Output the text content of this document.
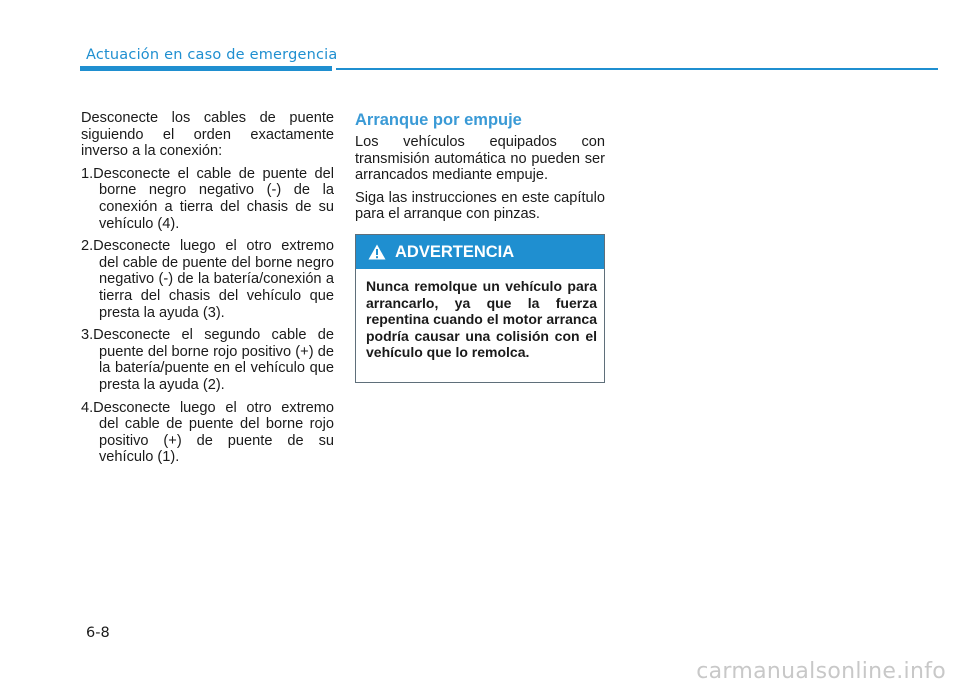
Actuación en caso de emergencia

Desconecte los cables de puente siguiendo el orden exactamente inverso a la conexión:

1.Desconecte el cable de puente del borne negro negativo (-) de la conexión a tierra del chasis de su vehículo (4).
2.Desconecte luego el otro extremo del cable de puente del borne negro negativo (-) de la batería/conexión a tierra del chasis del vehículo que presta la ayuda (3).
3.Desconecte el segundo cable de puente del borne rojo positivo (+) de la batería/puente en el vehículo que presta la ayuda (2).
4.Desconecte luego el otro extremo del cable de puente del borne rojo positivo (+) de puente de su vehículo (1).
Arranque por empuje

Los vehículos equipados con transmisión automática no pueden ser arrancados mediante empuje.

Siga las instrucciones en este capítulo para el arranque con pinzas.

ADVERTENCIA
Nunca remolque un vehículo para arrancarlo, ya que la fuerza repentina cuando el motor arranca podría causar una colisión con el vehículo que lo remolca.
6-8
carmanualsonline.info
